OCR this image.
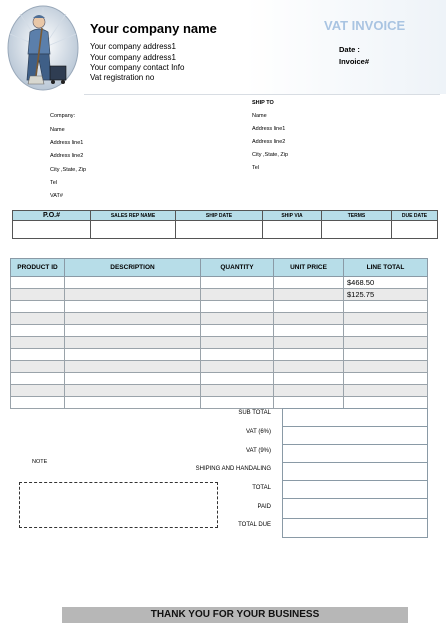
Your company name
Your company address1
Your company address1
Your company contact Info
Vat registration no
VAT INVOICE
Date :
Invoice#
Company:
Name
Address line1
Address line2
City ,State, Zip
Tel
VAT#
SHIP TO
Name
Address line1
Address line2
City ,State, Zip
Tel
P.O.#	SALES REP NAME	SHIP DATE	SHIP VIA	TERMS	DUE DATE

PRODUCT ID	DESCRIPTION	QUANTITY	UNIT PRICE	LINE TOTAL
				$468.50
				$125.75

SUB TOTAL
VAT (6%)
VAT (9%)
SHIPING AND HANDALING
TOTAL
PAID
TOTAL DUE
NOTE
THANK YOU FOR YOUR BUSINESS
